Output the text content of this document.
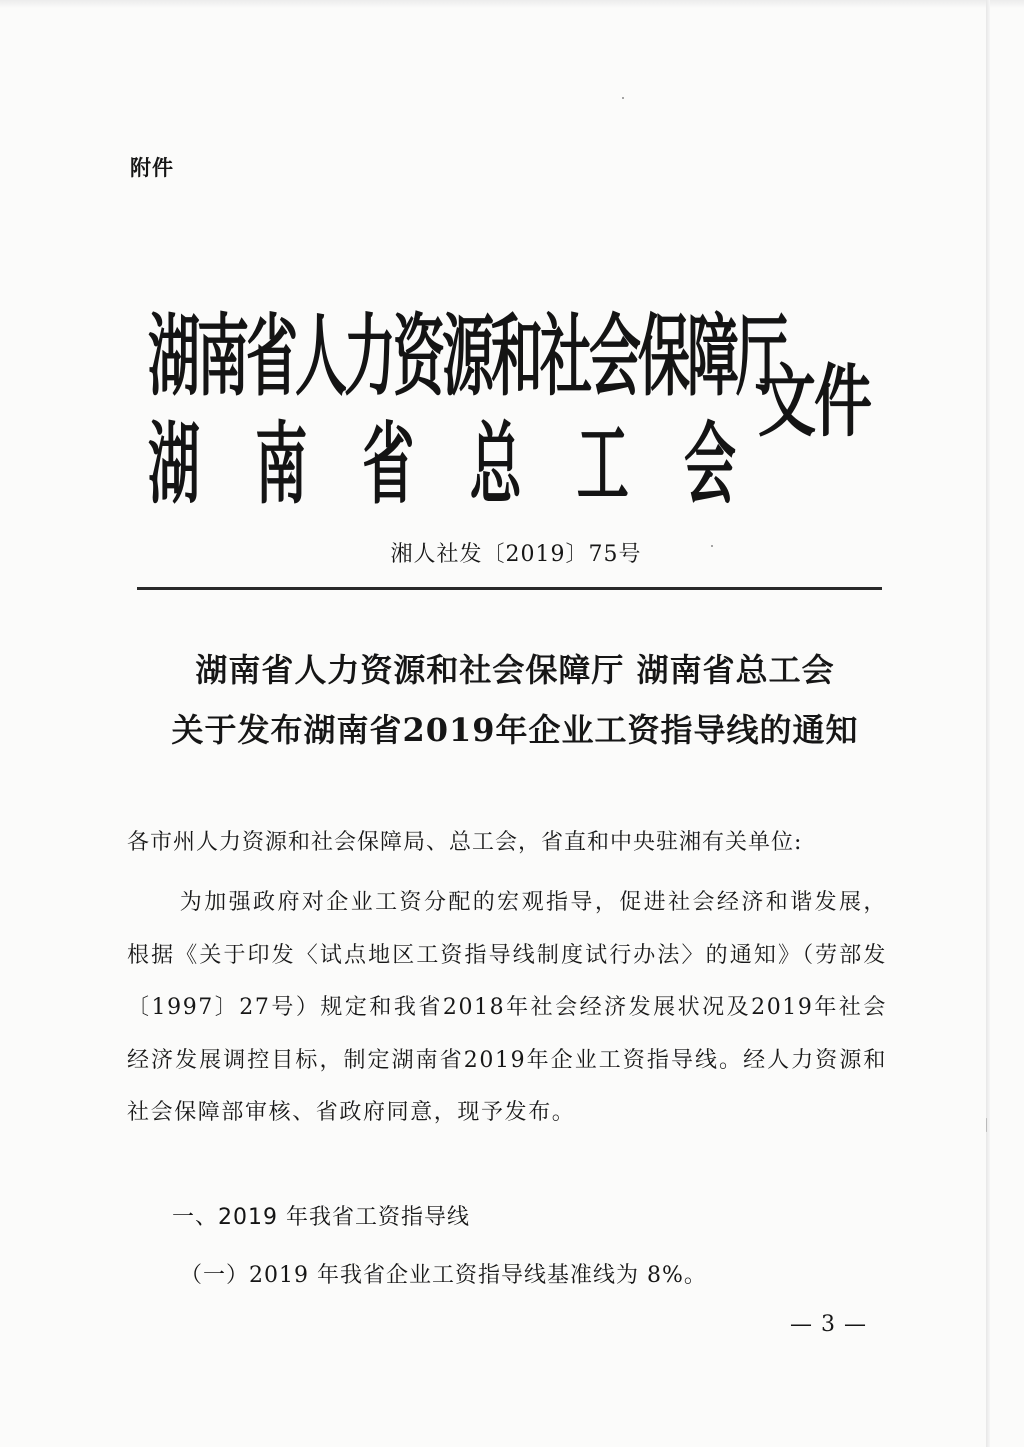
附件
湖南省人力资源和社会保障厅
湖 南 省 总 工 会
文件
湘人社发〔2019〕75号
湖南省人力资源和社会保障厅 湖南省总工会
关于发布湖南省2019年企业工资指导线的通知
各市州人力资源和社会保障局、总工会，省直和中央驻湘有关单位:
为加强政府对企业工资分配的宏观指导，促进社会经济和谐发展，根据《关于印发〈试点地区工资指导线制度试行办法〉的通知》（劳部发〔1997〕27号）规定和我省2018年社会经济发展状况及2019年社会经济发展调控目标，制定湖南省2019年企业工资指导线。经人力资源和社会保障部审核、省政府同意，现予发布。
一、2019 年我省工资指导线
（一）2019 年我省企业工资指导线基准线为 8%。
— 3 —
